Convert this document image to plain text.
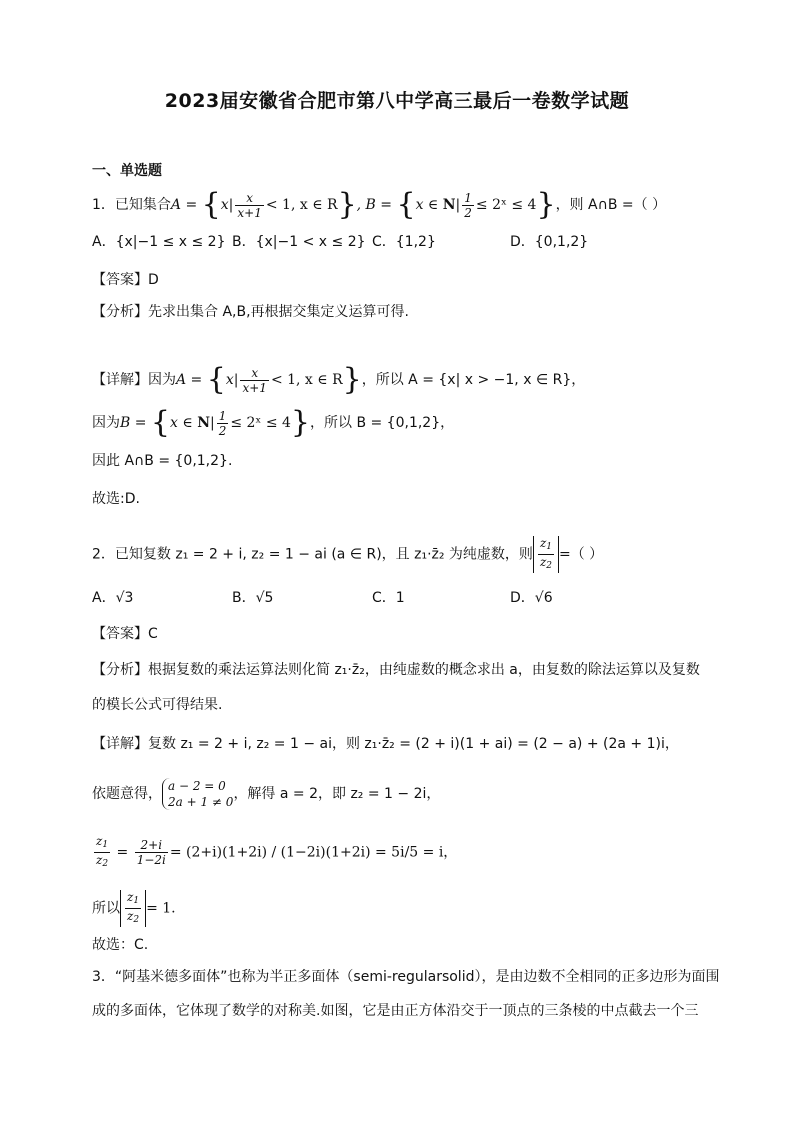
2023届安徽省合肥市第八中学高三最后一卷数学试题
一、单选题
1．已知集合$A = \{x| \frac{x}{x+1} < 1$, x ∈ R}, B = {x ∈ $N| \frac{1}{2}$ ≤ 2ˣ ≤ 4}，则 A∩B =（ ）
A．{x|−1 ≤ x ≤ 2} B．{x|−1 < x ≤ 2} C．{1,2}	D．{0,1,2}
【答案】D
【分析】先求出集合 A,B,再根据交集定义运算可得.
【详解】因为$A = \{x| \frac{x}{x+1} < 1$, x ∈ R}，所以 A = {x| x > −1, x ∈ R}，
因为B = {x ∈ $N| \frac{1}{2}$ ≤ 2ˣ ≤ 4}，所以 B = {0,1,2}，
因此 A∩B = {0,1,2}.
故选:D.
2．已知复数 z₁ = 2 + i, z₂ = 1 − ai (a ∈ R)，且 z₁·z̄₂ 为纯虚数，则 $\frac{z_1}{z_2}$ =（ ）
A．√3	B．√5	C．1	D．√6
【答案】C
【分析】根据复数的乘法运算法则化简 z₁·z̄₂，由纯虚数的概念求出 a，由复数的除法运算以及复数
的模长公式可得结果.
【详解】复数 z₁ = 2 + i, z₂ = 1 − ai，则 z₁·z̄₂ = (2 + i)(1 + ai) = (2 − a) + (2a + 1)i，
依题意得， a − 2 = 0
2a + 1 ≠ 0 ，解得 a = 2，即 z₂ = 1 − 2i，
$\frac{z_1}{z_2} = \frac{2+i}{1-2i} = (2+i)(1+2i) / (1-2i)(1+2i) = 5i/5 = i$，
所以 $\frac{z_1}{z_2} = 1$.
故选：C.
3．“阿基米德多面体”也称为半正多面体（semi-regularsolid），是由边数不全相同的正多边形为面围
成的多面体，它体现了数学的对称美.如图，它是由正方体沿交于一顶点的三条棱的中点截去一个三
